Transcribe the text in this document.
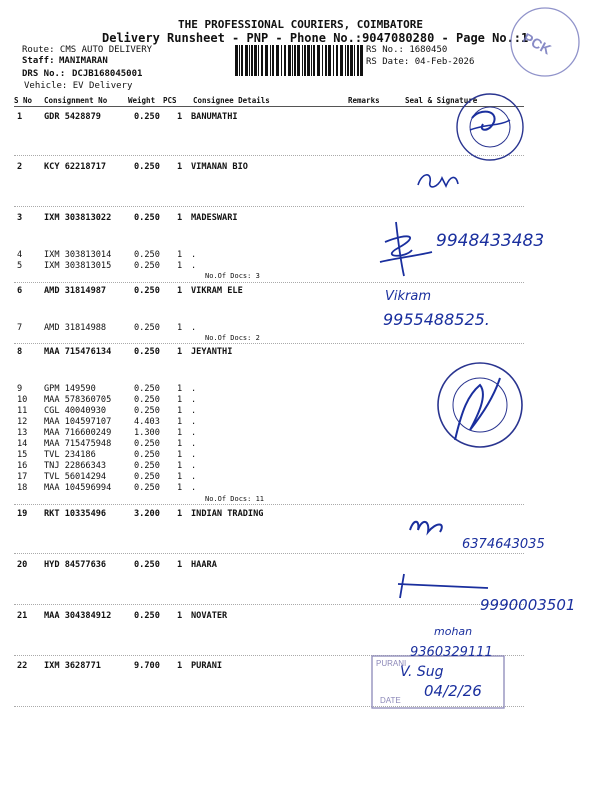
THE PROFESSIONAL COURIERS, COIMBATORE
Delivery Runsheet - PNP - Phone No.:9047080280 - Page No.:1
Route: CMS AUTO DELIVERY
Staff: MANIMARAN
DRS No.: DCJB168045001
Vehicle: EV Delivery
RS No.: 1680450
RS Date: 04-Feb-2026
S No Consignment No	Weight PCS Consignee Details	Remarks	Seal & Signature
1	GDR 5428879	0.250 1 BANUMATHI
2	KCY 62218717	0.250 1 VIMANAN BIO
3	IXM 303813022	0.250 1 MADESWARI
4	IXM 303813014	0.250 1 .
5	IXM 303813015	0.250 1 .
No.Of Docs: 3
6	AMD 31814987	0.250 1 VIKRAM ELE
7	AMD 31814988	0.250 1 .
No.Of Docs: 2
8	MAA 715476134	0.250 1 JEYANTHI
9	GPM 149590	0.250 1 .
10 MAA 578360705	0.250 1 .
11 CGL 40040930	0.250 1 .
12 MAA 104597107	4.403 1 .
13 MAA 716600249	1.300 1 .
14 MAA 715475948	0.250 1 .
15 TVL 234186	0.250 1 .
16 TNJ 22866343	0.250 1 .
17 TVL 56014294	0.250 1 .
18 MAA 104596994	0.250 1 .
No.Of Docs: 11
19 RKT 10335496	3.200 1 INDIAN TRADING
20 HYD 84577636	0.250 1 HAARA
21 MAA 304384912	0.250 1 NOVATER
22 IXM 3628771	9.700 1 PURANI
PCK
9948433483
Vikram
9955488525.
6374643035
9990003501
mohan
PURANI
DATE
9360329111
V. Sug
04/2/26
